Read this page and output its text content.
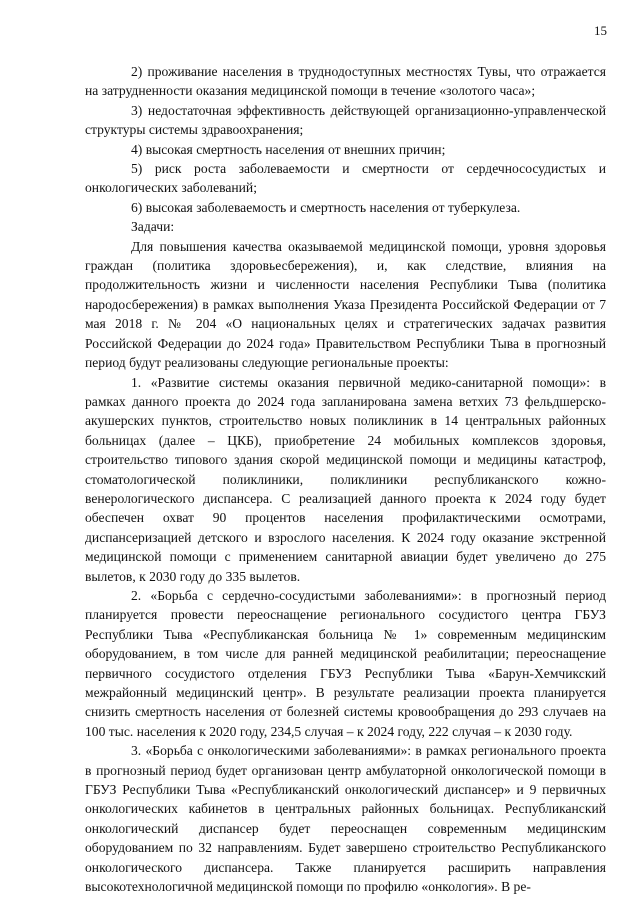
15

2) проживание населения в труднодоступных местностях Тувы, что отражается на затрудненности оказания медицинской помощи в течение «золотого часа»;

3) недостаточная эффективность действующей организационно-управленческой структуры системы здравоохранения;

4) высокая смертность населения от внешних причин;

5) риск роста заболеваемости и смертности от сердечнососудистых и онкологических заболеваний;

6) высокая заболеваемость и смертность населения от туберкулеза.

Задачи:

Для повышения качества оказываемой медицинской помощи, уровня здоровья граждан (политика здоровьесбережения), и, как следствие, влияния на продолжительность жизни и численности населения Республики Тыва (политика народосбережения) в рамках выполнения Указа Президента Российской Федерации от 7 мая 2018 г. № 204 «О национальных целях и стратегических задачах развития Российской Федерации до 2024 года» Правительством Республики Тыва в прогнозный период будут реализованы следующие региональные проекты:

1. «Развитие системы оказания первичной медико-санитарной помощи»: в рамках данного проекта до 2024 года запланирована замена ветхих 73 фельдшерско-акушерских пунктов, строительство новых поликлиник в 14 центральных районных больницах (далее – ЦКБ), приобретение 24 мобильных комплексов здоровья, строительство типового здания скорой медицинской помощи и медицины катастроф, стоматологической поликлиники, поликлиники республиканского кожно-венерологического диспансера. С реализацией данного проекта к 2024 году будет обеспечен охват 90 процентов населения профилактическими осмотрами, диспансеризацией детского и взрослого населения. К 2024 году оказание экстренной медицинской помощи с применением санитарной авиации будет увеличено до 275 вылетов, к 2030 году до 335 вылетов.

2. «Борьба с сердечно-сосудистыми заболеваниями»: в прогнозный период планируется провести переоснащение регионального сосудистого центра ГБУЗ Республики Тыва «Республиканская больница № 1» современным медицинским оборудованием, в том числе для ранней медицинской реабилитации; переоснащение первичного сосудистого отделения ГБУЗ Республики Тыва «Барун-Хемчикский межрайонный медицинский центр». В результате реализации проекта планируется снизить смертность населения от болезней системы кровообращения до 293 случаев на 100 тыс. населения к 2020 году, 234,5 случая – к 2024 году, 222 случая – к 2030 году.

3. «Борьба с онкологическими заболеваниями»: в рамках регионального проекта в прогнозный период будет организован центр амбулаторной онкологической помощи в ГБУЗ Республики Тыва «Республиканский онкологический диспансер» и 9 первичных онкологических кабинетов в центральных районных больницах. Республиканский онкологический диспансер будет переоснащен современным медицинским оборудованием по 32 направлениям. Будет завершено строительство Республиканского онкологического диспансера. Также планируется расширить направления высокотехнологичной медицинской помощи по профилю «онкология». В ре-
